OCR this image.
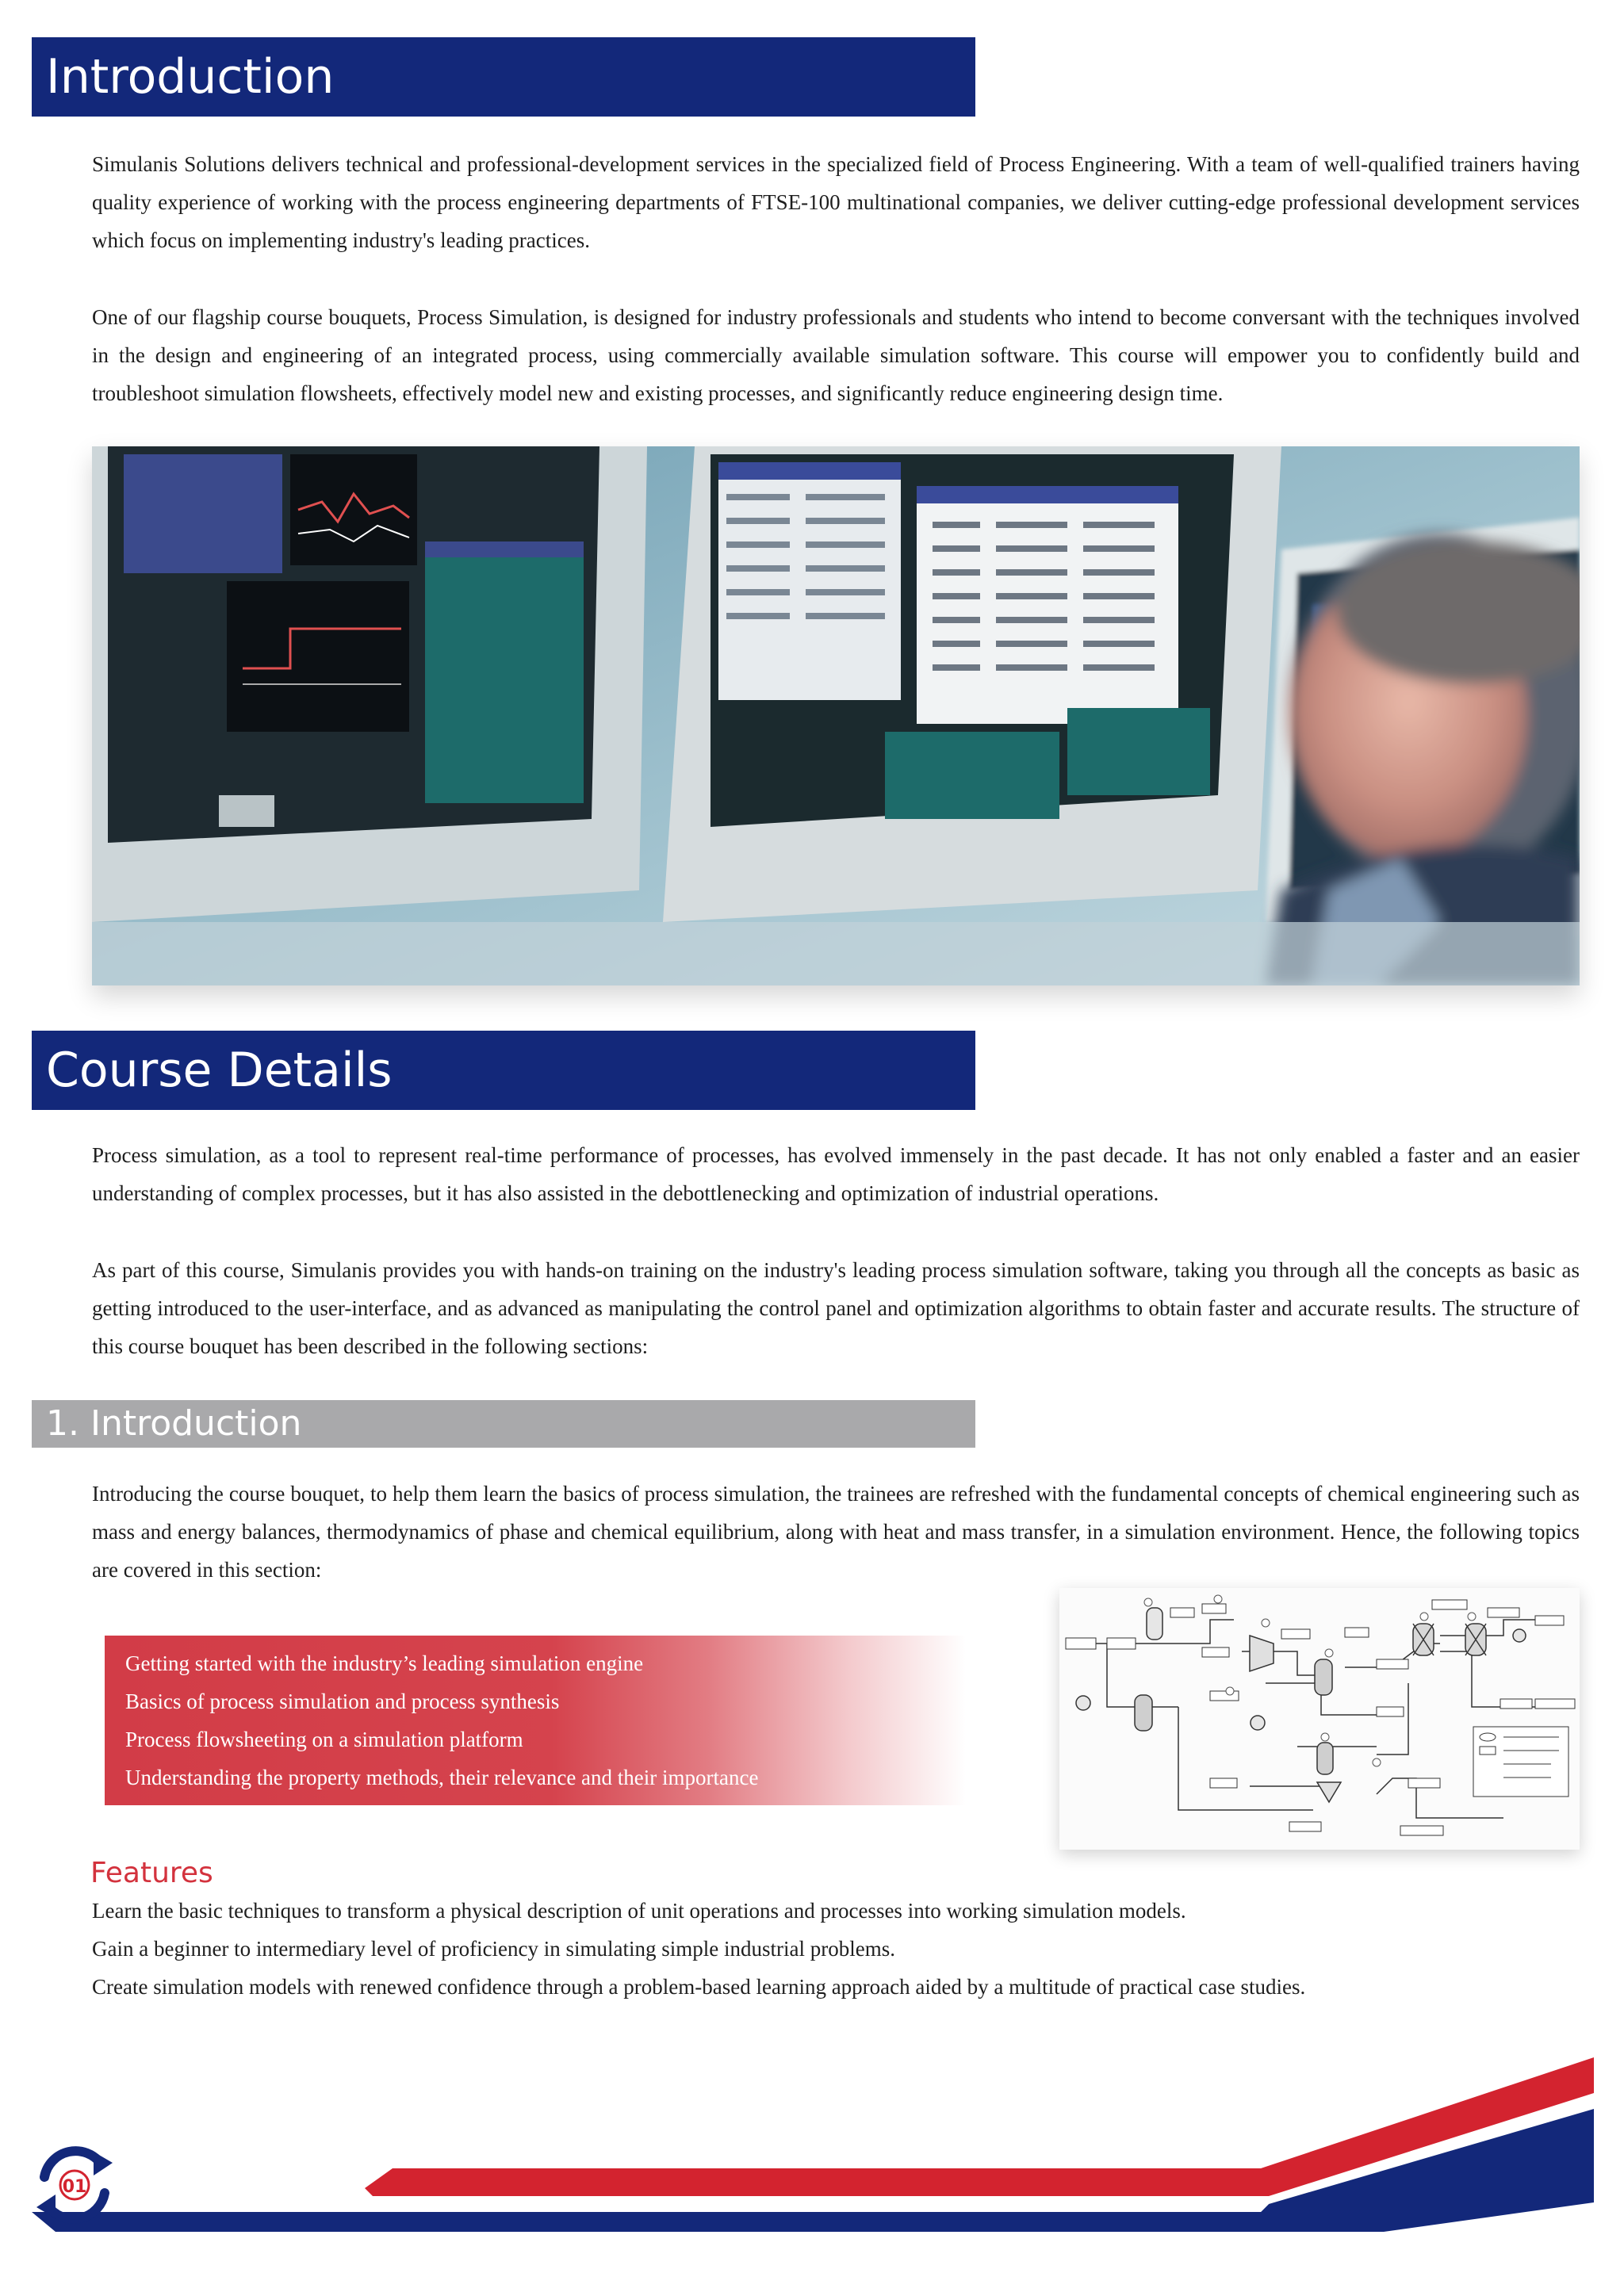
Introduction

Simulanis Solutions delivers technical and professional-development services in the specialized field of Process Engineering. With a team of well-qualified trainers having quality experience of working with the process engineering departments of FTSE-100 multinational companies, we deliver cutting-edge professional development services which focus on implementing industry's leading practices.

One of our flagship course bouquets, Process Simulation, is designed for industry professionals and students who intend to become conversant with the techniques involved in the design and engineering of an integrated process, using commercially available simulation software. This course will empower you to confidently build and troubleshoot simulation flowsheets, effectively model new and existing processes, and significantly reduce engineering design time.

Course Details

Process simulation, as a tool to represent real-time performance of processes, has evolved immensely in the past decade. It has not only enabled a faster and an easier understanding of complex processes, but it has also assisted in the debottlenecking and optimization of industrial operations.

As part of this course, Simulanis provides you with hands-on training on the industry's leading process simulation software, taking you through all the concepts as basic as getting introduced to the user-interface, and as advanced as manipulating the control panel and optimization algorithms to obtain faster and accurate results. The structure of this course bouquet has been described in the following sections:

1. Introduction

Introducing the course bouquet, to help them learn the basics of process simulation, the trainees are refreshed with the fundamental concepts of chemical engineering such as mass and energy balances, thermodynamics of phase and chemical equilibrium, along with heat and mass transfer, in a simulation environment. Hence, the following topics are covered in this section:

Getting started with the industry’s leading simulation engine
Basics of process simulation and process synthesis
Process flowsheeting on a simulation platform
Understanding the property methods, their relevance and their importance
Features
Learn the basic techniques to transform a physical description of unit operations and processes into working simulation models.
Gain a beginner to intermediary level of proficiency in simulating simple industrial problems.
Create simulation models with renewed confidence through a problem-based learning approach aided by a multitude of practical case studies.
01
